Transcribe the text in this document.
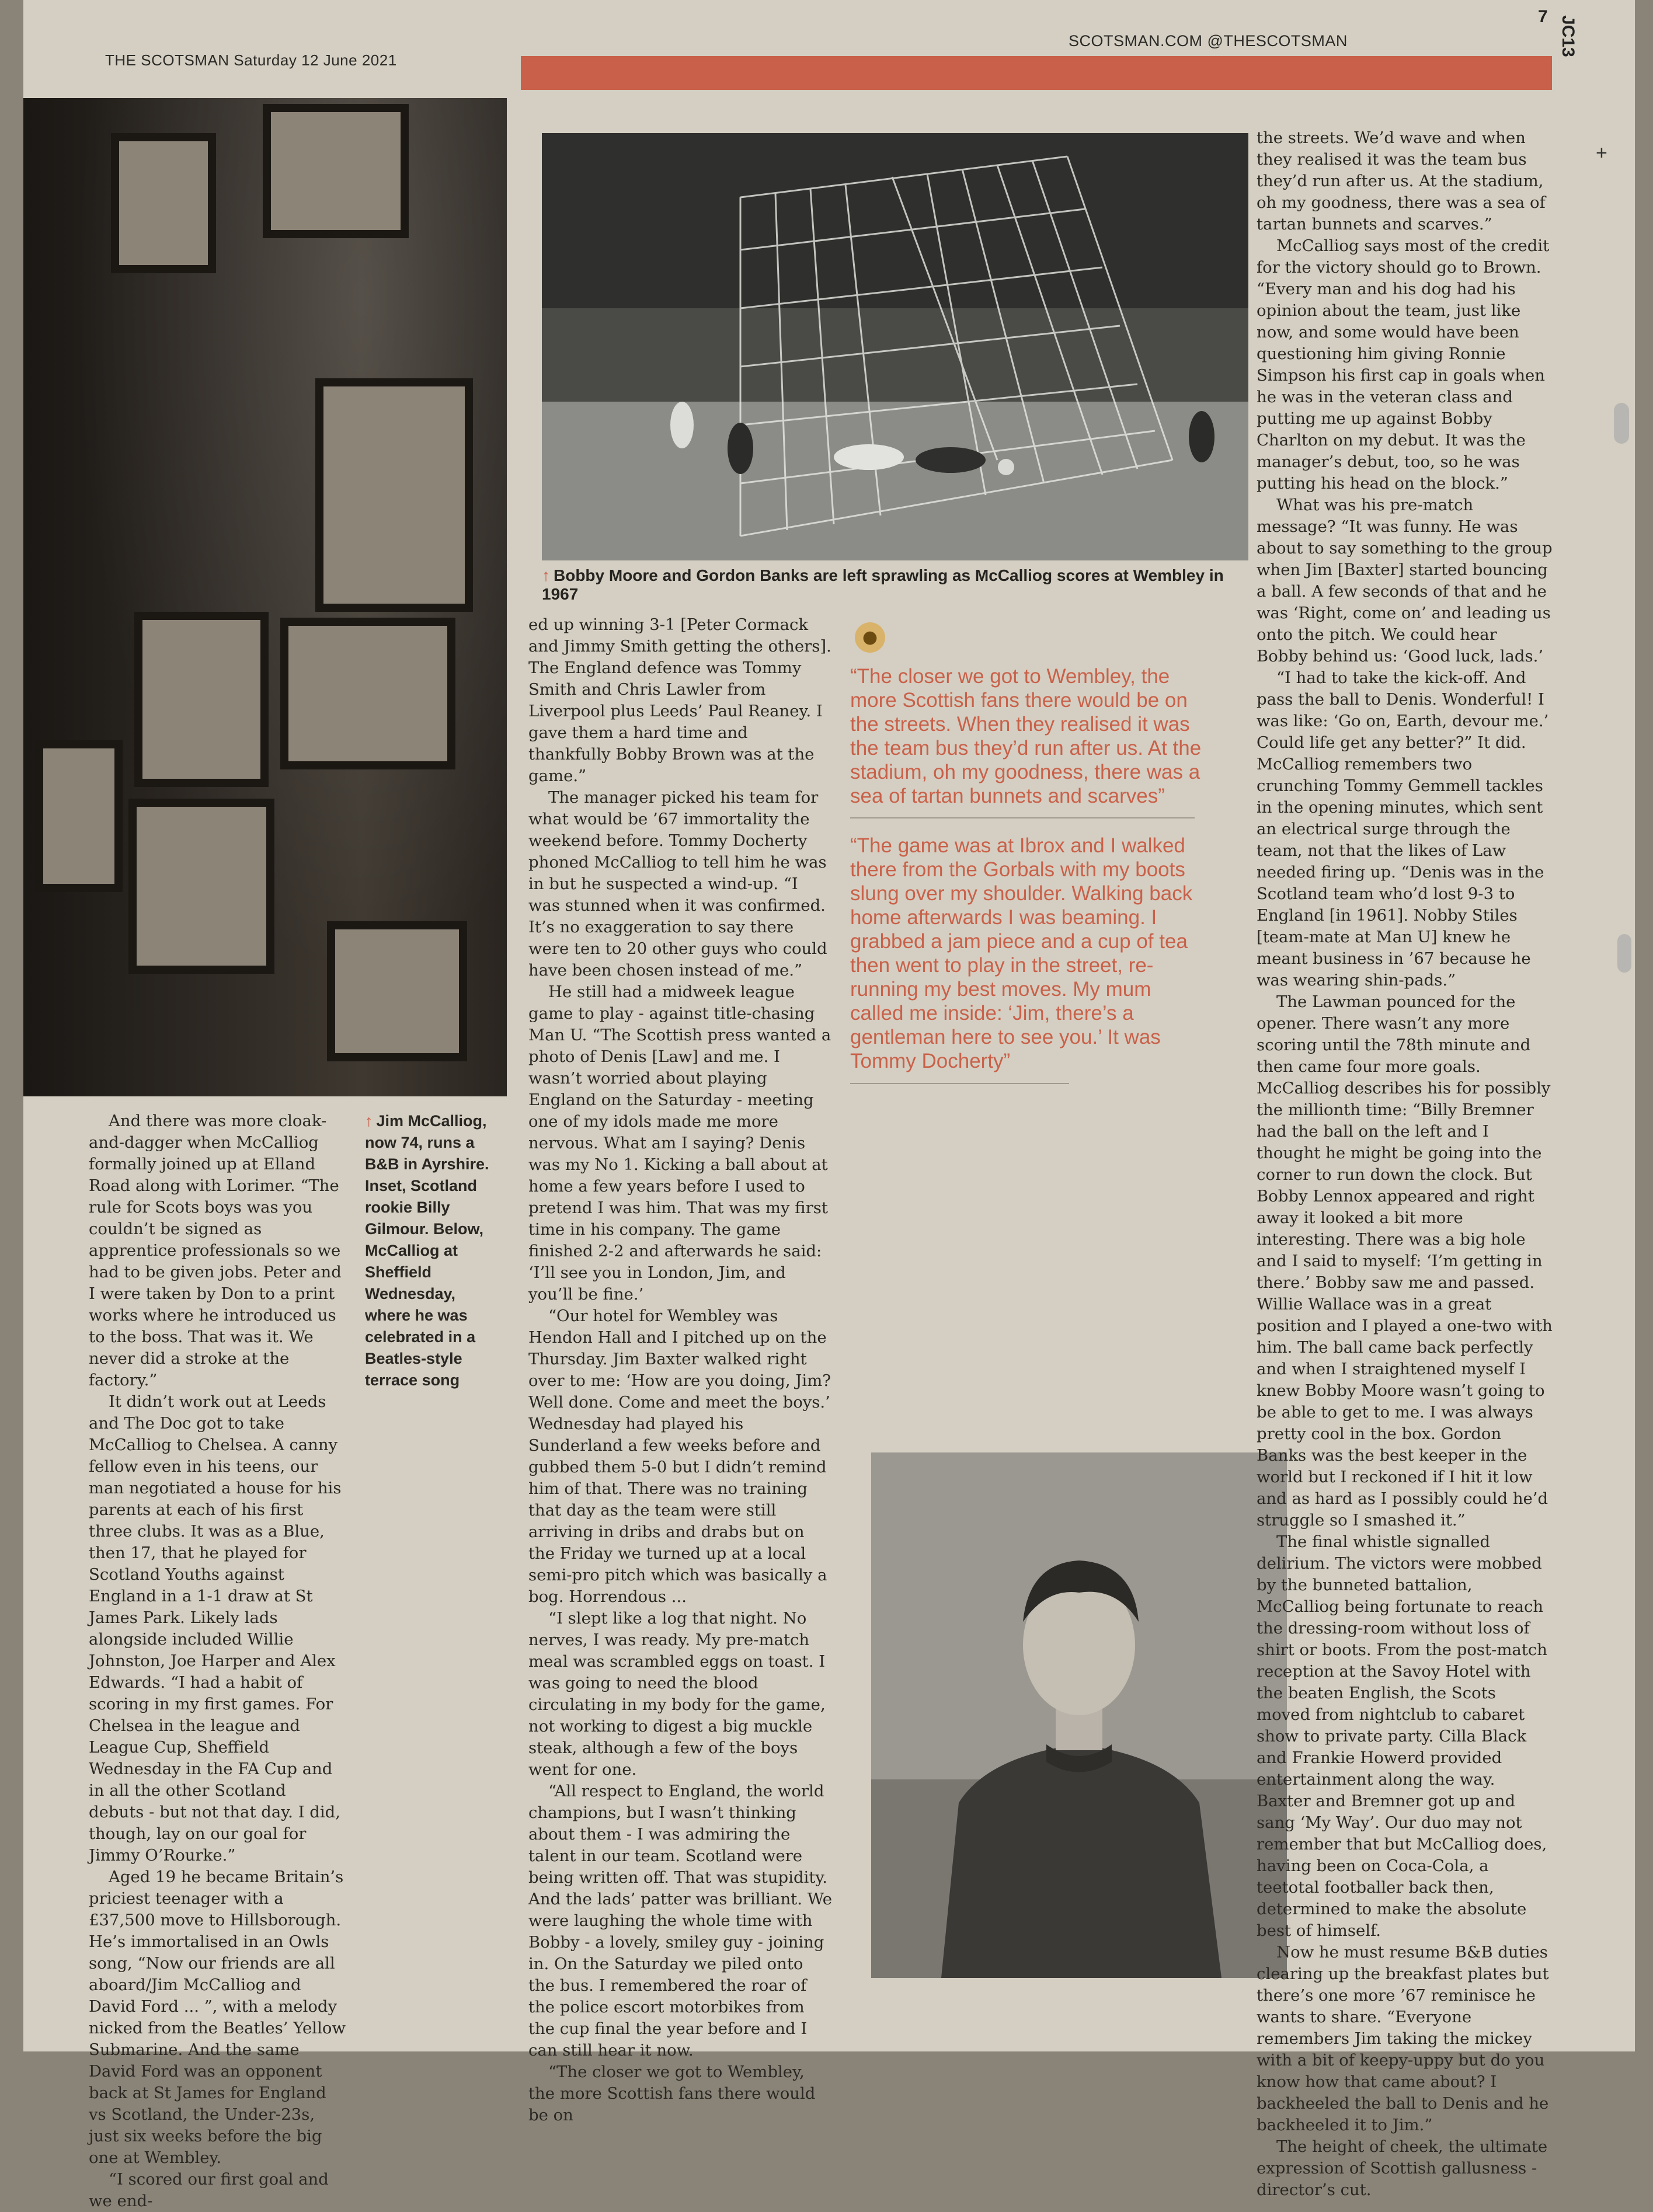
THE SCOTSMAN Saturday 12 June 2021
SCOTSMAN.COM @THESCOTSMAN
7 JC13
+
↑ Bobby Moore and Gordon Banks are left sprawling as McCalliog scores at Wembley in 1967
↑ Jim McCalliog, now 74, runs a B&B in Ayrshire. Inset, Scotland rookie Billy Gilmour. Below, McCalliog at Sheffield Wednesday, where he was celebrated in a Beatles-style terrace song

And there was more cloak-and-dagger when McCalliog formally joined up at Elland Road along with Lorimer. “The rule for Scots boys was you couldn’t be signed as apprentice professionals so we had to be given jobs. Peter and I were taken by Don to a print works where he introduced us to the boss. That was it. We never did a stroke at the factory.”

It didn’t work out at Leeds and The Doc got to take McCalliog to Chelsea. A canny fellow even in his teens, our man negotiated a house for his parents at each of his first three clubs. It was as a Blue, then 17, that he played for Scotland Youths against England in a 1-1 draw at St James Park. Likely lads alongside included Willie Johnston, Joe Harper and Alex Edwards. “I had a habit of scoring in my first games. For Chelsea in the league and League Cup, Sheffield Wednesday in the FA Cup and in all the other Scotland debuts - but not that day. I did, though, lay on our goal for Jimmy O’Rourke.”

Aged 19 he became Britain’s priciest teenager with a £37,500 move to Hillsborough. He’s immortalised in an Owls song, “Now our friends are all aboard/Jim McCalliog and David Ford ... ”, with a melody nicked from the Beatles’ Yellow Submarine. And the same David Ford was an opponent back at St James for England vs Scotland, the Under-23s, just six weeks before the big one at Wembley.

“I scored our first goal and we end-

ed up winning 3-1 [Peter Cormack and Jimmy Smith getting the others]. The England defence was Tommy Smith and Chris Lawler from Liverpool plus Leeds’ Paul Reaney. I gave them a hard time and thankfully Bobby Brown was at the game.”

The manager picked his team for what would be ’67 immortality the weekend before. Tommy Docherty phoned McCalliog to tell him he was in but he suspected a wind-up. “I was stunned when it was confirmed. It’s no exaggeration to say there were ten to 20 other guys who could have been chosen instead of me.”

He still had a midweek league game to play - against title-chasing Man U. “The Scottish press wanted a photo of Denis [Law] and me. I wasn’t worried about playing England on the Saturday - meeting one of my idols made me more nervous. What am I saying? Denis was my No 1. Kicking a ball about at home a few years before I used to pretend I was him. That was my first time in his company. The game finished 2-2 and afterwards he said: ‘I’ll see you in London, Jim, and you’ll be fine.’

“Our hotel for Wembley was Hendon Hall and I pitched up on the Thursday. Jim Baxter walked right over to me: ‘How are you doing, Jim? Well done. Come and meet the boys.’ Wednesday had played his Sunderland a few weeks before and gubbed them 5-0 but I didn’t remind him of that. There was no training that day as the team were still arriving in dribs and drabs but on the Friday we turned up at a local semi-pro pitch which was basically a bog. Horrendous ...

“I slept like a log that night. No nerves, I was ready. My pre-match meal was scrambled eggs on toast. I was going to need the blood circulating in my body for the game, not working to digest a big muckle steak, although a few of the boys went for one.

“All respect to England, the world champions, but I wasn’t thinking about them - I was admiring the talent in our team. Scotland were being written off. That was stupidity. And the lads’ patter was brilliant. We were laughing the whole time with Bobby - a lovely, smiley guy - joining in. On the Saturday we piled onto the bus. I remembered the roar of the police escort motorbikes from the cup final the year before and I can still hear it now.

“The closer we got to Wembley, the more Scottish fans there would be on

●
“The closer we got to Wembley, the more Scottish fans there would be on the streets. When they realised it was the team bus they’d run after us. At the stadium, oh my goodness, there was a sea of tartan bunnets and scarves”
“The game was at Ibrox and I walked there from the Gorbals with my boots slung over my shoulder. Walking back home afterwards I was beaming. I grabbed a jam piece and a cup of tea then went to play in the street, re-running my best moves. My mum called me inside: ‘Jim, there’s a gentleman here to see you.’ It was Tommy Docherty”

the streets. We’d wave and when they realised it was the team bus they’d run after us. At the stadium, oh my goodness, there was a sea of tartan bunnets and scarves.”

McCalliog says most of the credit for the victory should go to Brown. “Every man and his dog had his opinion about the team, just like now, and some would have been questioning him giving Ronnie Simpson his first cap in goals when he was in the veteran class and putting me up against Bobby Charlton on my debut. It was the manager’s debut, too, so he was putting his head on the block.”

What was his pre-match message? “It was funny. He was about to say something to the group when Jim [Baxter] started bouncing a ball. A few seconds of that and he was ‘Right, come on’ and leading us onto the pitch. We could hear Bobby behind us: ‘Good luck, lads.’

“I had to take the kick-off. And pass the ball to Denis. Wonderful! I was like: ‘Go on, Earth, devour me.’ Could life get any better?” It did. McCalliog remembers two crunching Tommy Gemmell tackles in the opening minutes, which sent an electrical surge through the team, not that the likes of Law needed firing up. “Denis was in the Scotland team who’d lost 9-3 to England [in 1961]. Nobby Stiles [team-mate at Man U] knew he meant business in ’67 because he was wearing shin-pads.”

The Lawman pounced for the opener. There wasn’t any more scoring until the 78th minute and then came four more goals. McCalliog describes his for possibly the millionth time: “Billy Bremner had the ball on the left and I thought he might be going into the corner to run down the clock. But Bobby Lennox appeared and right away it looked a bit more interesting. There was a big hole and I said to myself: ‘I’m getting in there.’ Bobby saw me and passed. Willie Wallace was in a great position and I played a one-two with him. The ball came back perfectly and when I straightened myself I knew Bobby Moore wasn’t going to be able to get to me. I was always pretty cool in the box. Gordon Banks was the best keeper in the world but I reckoned if I hit it low and as hard as I possibly could he’d struggle so I smashed it.”

The final whistle signalled delirium. The victors were mobbed by the bunneted battalion, McCalliog being fortunate to reach the dressing-room without loss of shirt or boots. From the post-match reception at the Savoy Hotel with the beaten English, the Scots moved from nightclub to cabaret show to private party. Cilla Black and Frankie Howerd provided entertainment along the way. Baxter and Bremner got up and sang ‘My Way’. Our duo may not remember that but McCalliog does, having been on Coca-Cola, a teetotal footballer back then, determined to make the absolute best of himself.

Now he must resume B&B duties clearing up the breakfast plates but there’s one more ’67 reminisce he wants to share. “Everyone remembers Jim taking the mickey with a bit of keepy-uppy but do you know how that came about? I backheeled the ball to Denis and he backheeled it to Jim.”

The height of cheek, the ultimate expression of Scottish gallusness - director’s cut.
